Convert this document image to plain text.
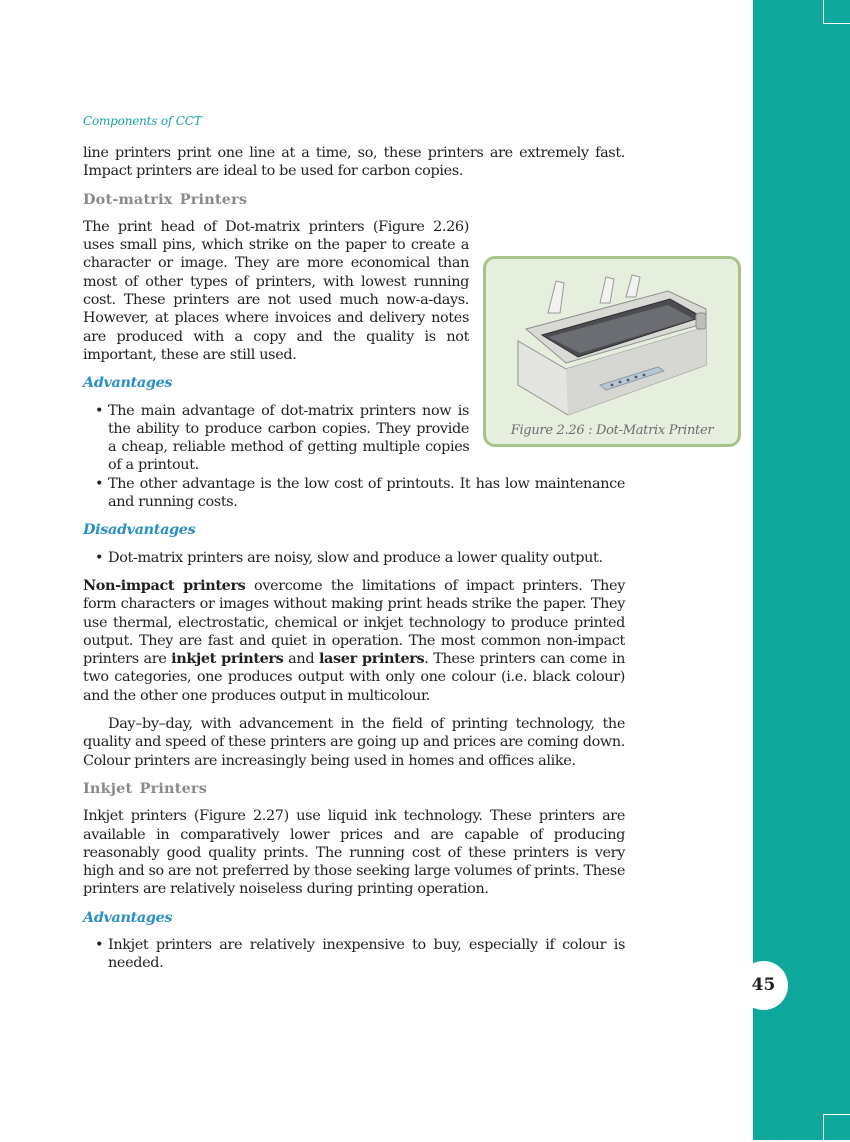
45
Components of CCT

line printers print one line at a time, so, these printers are extremely fast. Impact printers are ideal to be used for carbon copies.

Dot-matrix Printers

Figure 2.26 : Dot-Matrix Printer
The print head of Dot-matrix printers (Figure 2.26) uses small pins, which strike on the paper to create a character or image. They are more economical than most of other types of printers, with lowest running cost. These printers are not used much now-a-days. However, at places where invoices and delivery notes are produced with a copy and the quality is not important, these are still used.

Advantages
• The main advantage of dot-matrix printers now is the ability to produce carbon copies. They provide a cheap, reliable method of getting multiple copies of a printout.
• The other advantage is the low cost of printouts. It has low maintenance and running costs.
Disadvantages
• Dot-matrix printers are noisy, slow and produce a lower quality output.

Non-impact printers overcome the limitations of impact printers. They form characters or images without making print heads strike the paper. They use thermal, electrostatic, chemical or inkjet technology to produce printed output. They are fast and quiet in operation. The most common non-impact printers are inkjet printers and laser printers. These printers can come in two categories, one produces output with only one colour (i.e. black colour) and the other one produces output in multicolour.

Day–by–day, with advancement in the field of printing technology, the quality and speed of these printers are going up and prices are coming down. Colour printers are increasingly being used in homes and offices alike.

Inkjet Printers

Inkjet printers (Figure 2.27) use liquid ink technology. These printers are available in comparatively lower prices and are capable of producing reasonably good quality prints. The running cost of these printers is very high and so are not preferred by those seeking large volumes of prints. These printers are relatively noiseless during printing operation.

Advantages
• Inkjet printers are relatively inexpensive to buy, especially if colour is needed.
